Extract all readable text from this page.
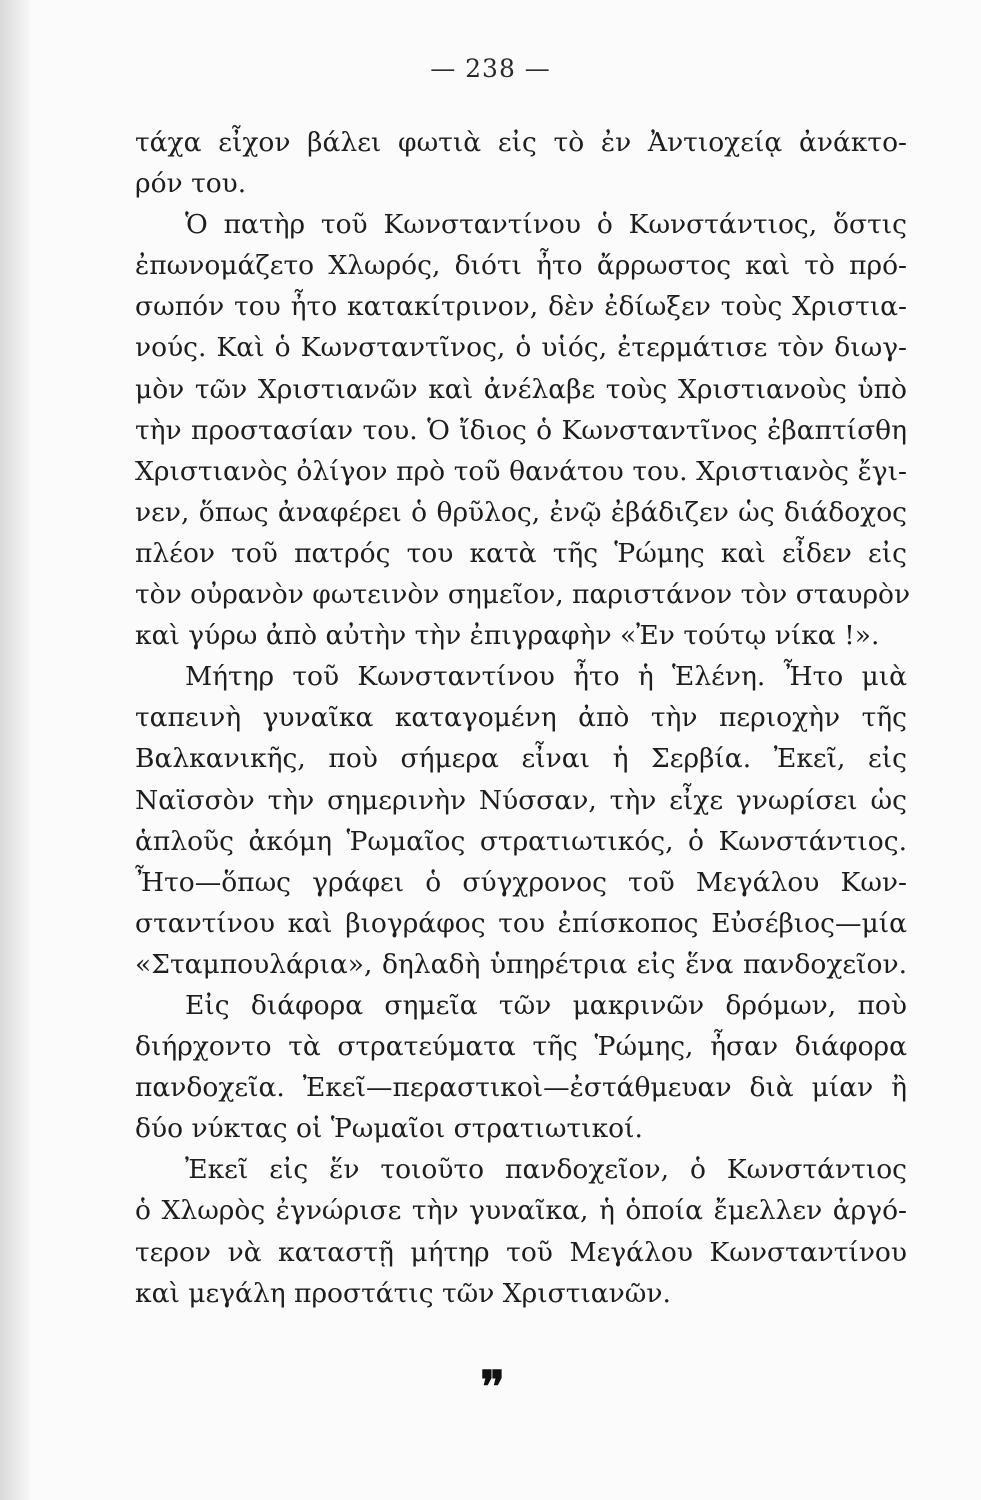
— 238 —
τάχα εἶχον βάλει φωτιὰ εἰς τὸ ἐν Ἀντιοχείᾳ ἀνάκτο-
ρόν του.
Ὁ πατὴρ τοῦ Κωνσταντίνου ὁ Κωνστάντιος, ὅστις
ἐπωνομάζετο Χλωρός, διότι ἦτο ἄρρωστος καὶ τὸ πρό-
σωπόν του ἦτο κατακίτρινον, δὲν ἐδίωξεν τοὺς Χριστια-
νούς. Καὶ ὁ Κωνσταντῖνος, ὁ υἱός, ἐτερμάτισε τὸν διωγ-
μὸν τῶν Χριστιανῶν καὶ ἀνέλαβε τοὺς Χριστιανοὺς ὑπὸ
τὴν προστασίαν του. Ὁ ἴδιος ὁ Κωνσταντῖνος ἐβαπτίσθη
Χριστιανὸς ὀλίγον πρὸ τοῦ θανάτου του. Χριστιανὸς ἔγι-
νεν, ὅπως ἀναφέρει ὁ θρῦλος, ἐνῷ ἐβάδιζεν ὡς διάδοχος
πλέον τοῦ πατρός του κατὰ τῆς Ῥώμης καὶ εἶδεν εἰς
τὸν οὐρανὸν φωτεινὸν σημεῖον, παριστάνον τὸν σταυρὸν
καὶ γύρω ἀπὸ αὐτὴν τὴν ἐπιγραφὴν «Ἐν τούτῳ νίκα !».
Μήτηρ τοῦ Κωνσταντίνου ἦτο ἡ Ἑλένη. Ἦτο μιὰ
ταπεινὴ γυναῖκα καταγομένη ἀπὸ τὴν περιοχὴν τῆς
Βαλκανικῆς, ποὺ σήμερα εἶναι ἡ Σερβία. Ἐκεῖ, εἰς
Ναϊσσὸν τὴν σημερινὴν Νύσσαν, τὴν εἶχε γνωρίσει ὡς
ἁπλοῦς ἀκόμη Ῥωμαῖος στρατιωτικός, ὁ Κωνστάντιος.
Ἦτο—ὅπως γράφει ὁ σύγχρονος τοῦ Μεγάλου Κων-
σταντίνου καὶ βιογράφος του ἐπίσκοπος Εὐσέβιος—μία
«Σταμπουλάρια», δηλαδὴ ὑπηρέτρια εἰς ἕνα πανδοχεῖον.
Εἰς διάφορα σημεῖα τῶν μακρινῶν δρόμων, ποὺ
διήρχοντο τὰ στρατεύματα τῆς Ῥώμης, ἦσαν διάφορα
πανδοχεῖα. Ἐκεῖ—περαστικοὶ—ἐστάθμευαν διὰ μίαν ἢ
δύο νύκτας οἱ Ῥωμαῖοι στρατιωτικοί.
Ἐκεῖ εἰς ἕν τοιοῦτο πανδοχεῖον, ὁ Κωνστάντιος
ὁ Χλωρὸς ἐγνώρισε τὴν γυναῖκα, ἡ ὁποία ἔμελλεν ἀργό-
τερον νὰ καταστῇ μήτηρ τοῦ Μεγάλου Κωνσταντίνου
καὶ μεγάλη προστάτις τῶν Χριστιανῶν.
❜❜
